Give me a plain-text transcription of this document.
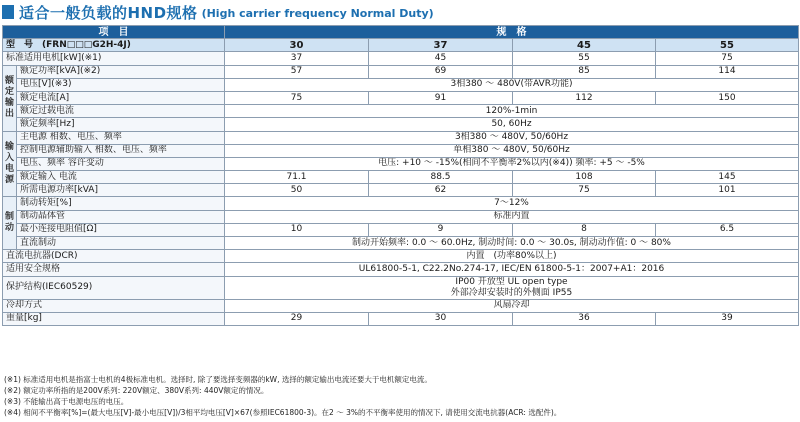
适合一般负载的HND规格 (High carrier frequency Normal Duty)
项　目		规　格			
型　号　(FRN□□□G2H-4J)		30	37	45	55
标准适用电机[kW](※1)		37	45	55	75

额定输出	额定功率[kVA](※2)	57	69	85	114
	电压[V](※3)	3相380 ～ 480V(带AVR功能)			
	额定电流[A]	75	91	112	150
	额定过载电流	120%-1min			
	额定频率[Hz]	50, 60Hz			

输入电源	主电源 相数、电压、频率	3相380 ～ 480V, 50/60Hz			
	控制电源辅助输入 相数、电压、频率	单相380 ～ 480V, 50/60Hz			
	电压、频率 容许变动	电压: +10 ～ -15%(相间不平衡率2%以内(※4)) 频率: +5 ～ -5%			
	额定输入 电流	71.1	88.5	108	145
	所需电源功率[kVA]	50	62	75	101

制动	制动转矩[%]	7～12%			
	制动晶体管	标准内置			
	最小连接电阻值[Ω]	10	9	8	6.5
	直流制动	制动开始频率: 0.0 ～ 60.0Hz, 制动时间: 0.0 ～ 30.0s, 制动动作值: 0 ～ 80%			
直流电抗器(DCR)		内置　(功率80%以上)			
适用安全规格		UL61800-5-1, C22.2No.274-17, IEC/EN 61800-5-1：2007+A1：2016			
保护结构(IEC60529)		IP00 开放型 UL open type
外部冷却安装时的外侧面 IP55			

冷却方式		风扇冷却			
重量[kg]		29	30	36	39
(※1) 标准适用电机是指富士电机的4极标准电机。选择时, 除了要选择变频器的kW, 选择的额定输出电流还要大于电机额定电流。
(※2) 额定功率所指的是200V系列: 220V额定、380V系列: 440V额定的情况。
(※3) 不能输出高于电源电压的电压。
(※4) 相间不平衡率[%]=(最大电压[V]-最小电压[V])/3相平均电压[V]×67(参照IEC61800-3)。在2 ～ 3%的不平衡率使用的情况下, 请使用交流电抗器(ACR: 选配件)。
